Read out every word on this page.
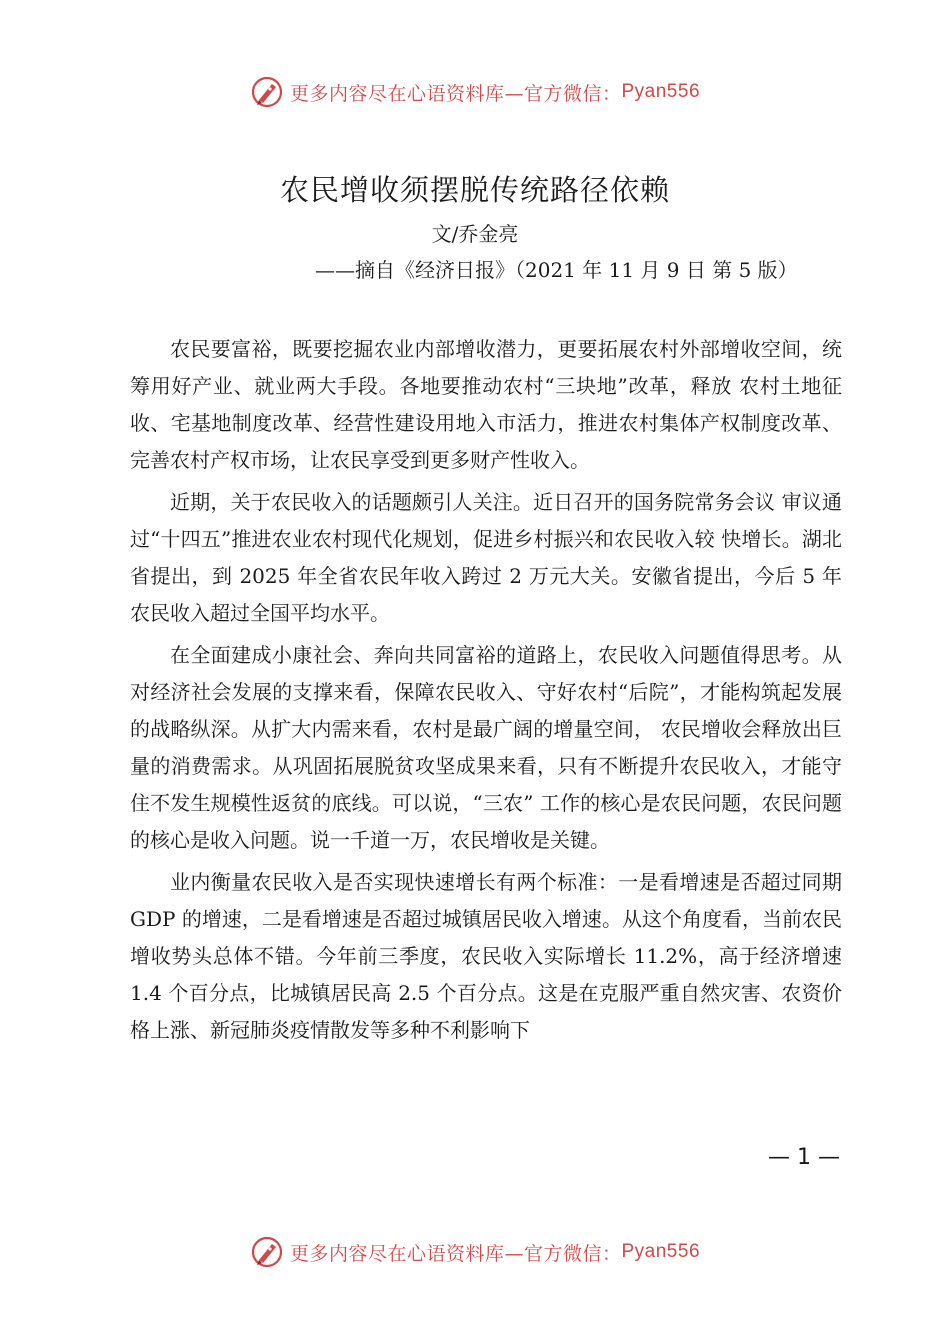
更多内容尽在心语资料库—官方微信： Pyan556
农民增收须摆脱传统路径依赖
文/乔金亮
——摘自《经济日报》（2021 年 11 月 9 日 第 5 版）

农民要富裕，既要挖掘农业内部增收潜力，更要拓展农村外部增收空间，统筹用好产业、就业两大手段。各地要推动农村“三块地”改革，释放 农村土地征收、宅基地制度改革、经营性建设用地入市活力，推进农村集体产权制度改革、完善农村产权市场，让农民享受到更多财产性收入。

近期，关于农民收入的话题颇引人关注。近日召开的国务院常务会议 审议通过“十四五”推进农业农村现代化规划，促进乡村振兴和农民收入较 快增长。湖北省提出，到 2025 年全省农民年收入跨过 2 万元大关。安徽省提出，今后 5 年农民收入超过全国平均水平。

在全面建成小康社会、奔向共同富裕的道路上，农民收入问题值得思考。从对经济社会发展的支撑来看，保障农民收入、守好农村“后院”，才能构筑起发展的战略纵深。从扩大内需来看，农村是最广阔的增量空间， 农民增收会释放出巨量的消费需求。从巩固拓展脱贫攻坚成果来看，只有不断提升农民收入，才能守住不发生规模性返贫的底线。可以说，“三农” 工作的核心是农民问题，农民问题的核心是收入问题。说一千道一万，农民增收是关键。

业内衡量农民收入是否实现快速增长有两个标准：一是看增速是否超过同期 GDP 的增速，二是看增速是否超过城镇居民收入增速。从这个角度看，当前农民增收势头总体不错。今年前三季度，农民收入实际增长 11.2%，高于经济增速 1.4 个百分点，比城镇居民高 2.5 个百分点。这是在克服严重自然灾害、农资价格上涨、新冠肺炎疫情散发等多种不利影响下

— 1 —
更多内容尽在心语资料库—官方微信： Pyan556
